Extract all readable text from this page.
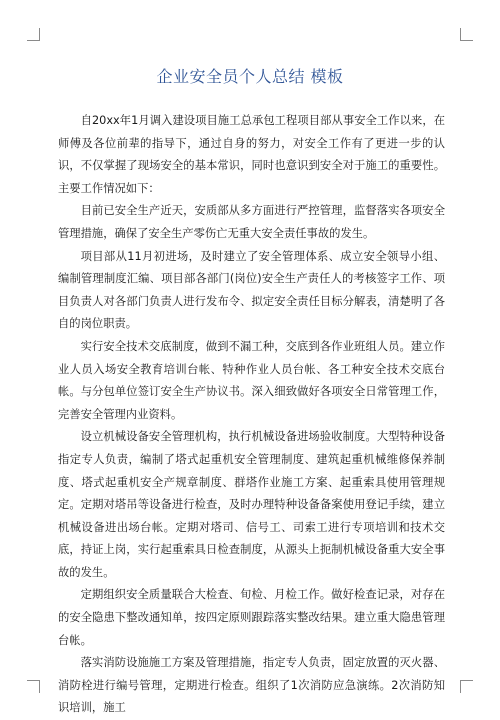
企业安全员个人总结 模板

自20xx年1月调入建设项目施工总承包工程项目部从事安全工作以来，在师傅及各位前辈的指导下，通过自身的努力，对安全工作有了更进一步的认识，不仅掌握了现场安全的基本常识，同时也意识到安全对于施工的重要性。主要工作情况如下：

目前已安全生产近天，安质部从多方面进行严控管理，监督落实各项安全管理措施，确保了安全生产零伤亡无重大安全责任事故的发生。

项目部从11月初进场，及时建立了安全管理体系、成立安全领导小组、编制管理制度汇编、项目部各部门(岗位)安全生产责任人的考核签字工作、项目负责人对各部门负责人进行发布令、拟定安全责任目标分解表，清楚明了各自的岗位职责。

实行安全技术交底制度，做到不漏工种，交底到各作业班组人员。建立作业人员入场安全教育培训台帐、特种作业人员台帐、各工种安全技术交底台帐。与分包单位签订安全生产协议书。深入细致做好各项安全日常管理工作，完善安全管理内业资料。

设立机械设备安全管理机构，执行机械设备进场验收制度。大型特种设备指定专人负责，编制了塔式起重机安全管理制度、建筑起重机械维修保养制度、塔式起重机安全产规章制度、群塔作业施工方案、起重索具使用管理规定。定期对塔吊等设备进行检查，及时办理特种设备备案使用登记手续，建立机械设备进出场台帐。定期对塔司、信号工、司索工进行专项培训和技术交底，持证上岗，实行起重索具日检查制度，从源头上扼制机械设备重大安全事故的发生。

定期组织安全质量联合大检查、旬检、月检工作。做好检查记录，对存在的安全隐患下整改通知单，按四定原则跟踪落实整改结果。建立重大隐患管理台帐。

落实消防设施施工方案及管理措施，指定专人负责，固定放置的灭火器、消防栓进行编号管理，定期进行检查。组织了1次消防应急演练。2次消防知识培训，施工
